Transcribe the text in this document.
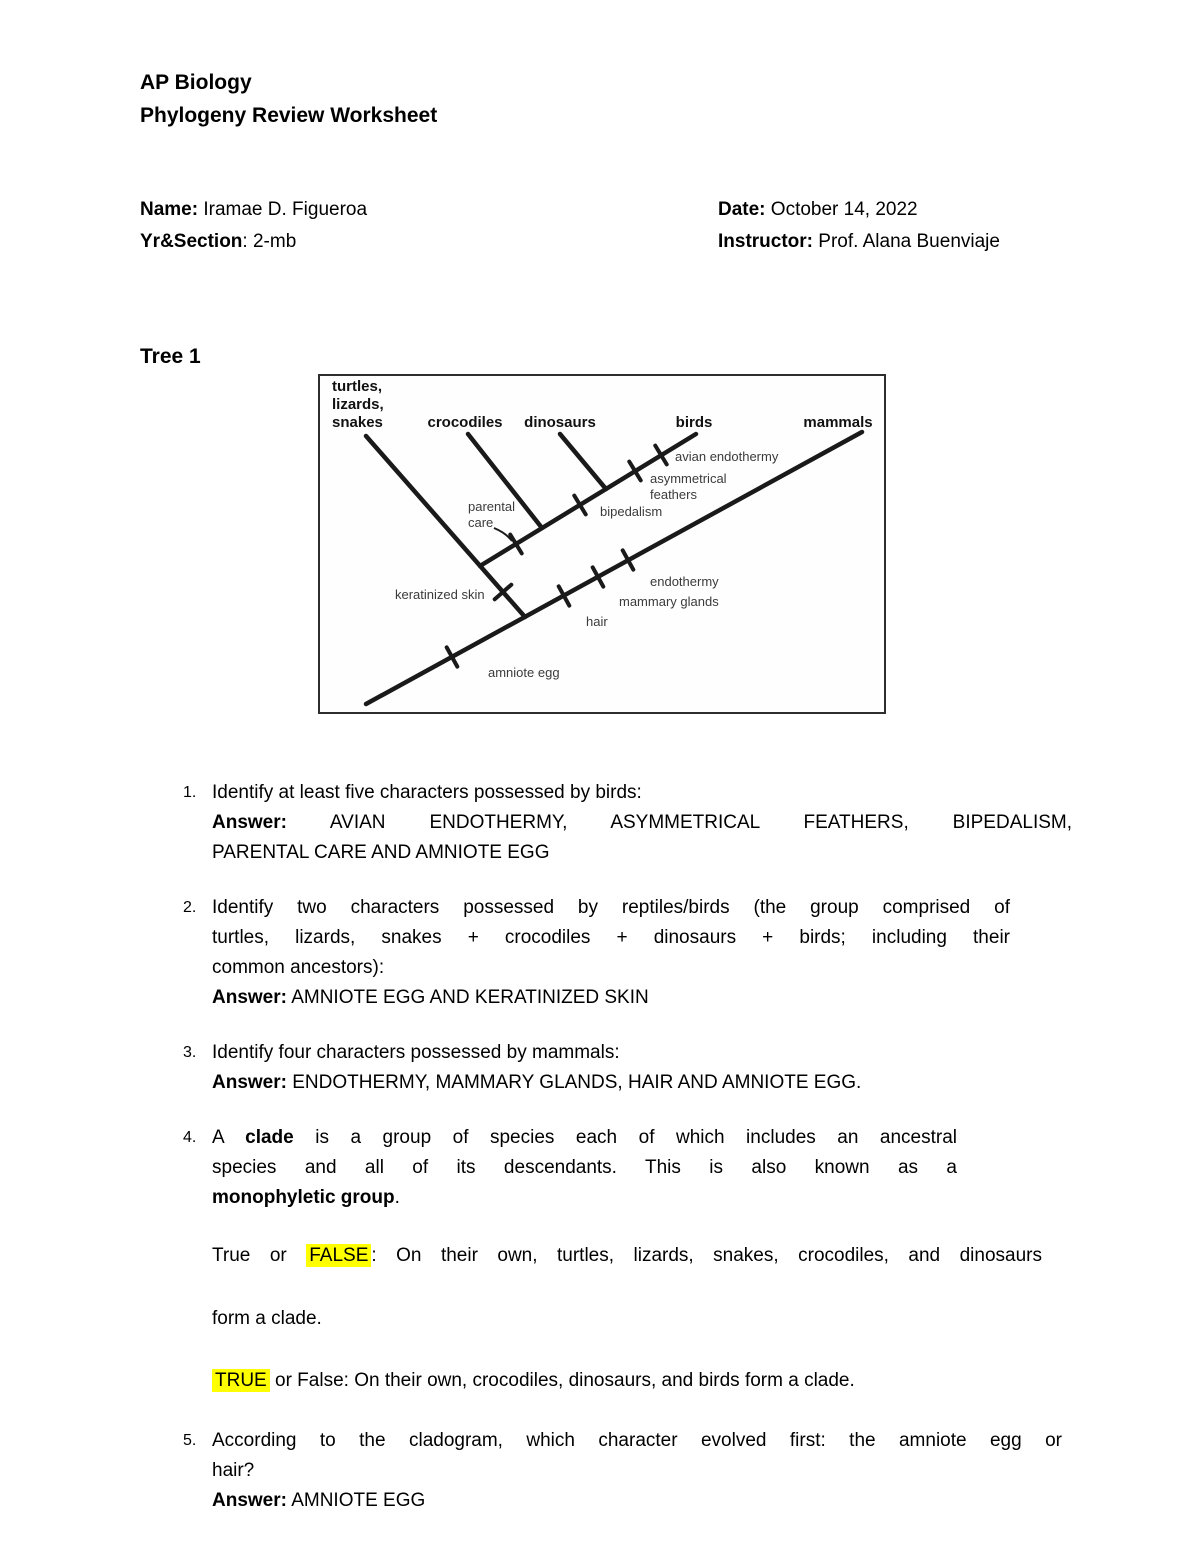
AP Biology
Phylogeny Review Worksheet
Name: Iramae D. Figueroa	Date: October 14, 2022
Yr&Section: 2-mb	Instructor: Prof. Alana Buenviaje
Tree 1
turtles, lizards, snakes	crocodiles dinosaurs	birds	mammals
avian endothermy
asymmetrical feathers
bipedalism
parental care
keratinized skin
endothermy
mammary glands
hair
amniote egg
1. Identify at least five characters possessed by birds:
Answer: AVIAN ENDOTHERMY, ASYMMETRICAL FEATHERS, BIPEDALISM,
PARENTAL CARE AND AMNIOTE EGG
2. Identify two characters possessed by reptiles/birds (the group comprised of
turtles, lizards, snakes + crocodiles + dinosaurs + birds; including their
common ancestors):
Answer: AMNIOTE EGG AND KERATINIZED SKIN
3. Identify four characters possessed by mammals:
Answer: ENDOTHERMY, MAMMARY GLANDS, HAIR AND AMNIOTE EGG.
4. A clade is a group of species each of which includes an ancestral
species and all of its descendants. This is also known as a
monophyletic group.
True or FALSE : On their own, turtles, lizards, snakes, crocodiles, and dinosaurs
form a clade.
TRUE or False: On their own, crocodiles, dinosaurs, and birds form a clade.
5. According to the cladogram, which character evolved first: the amniote egg or
hair?
Answer: AMNIOTE EGG
